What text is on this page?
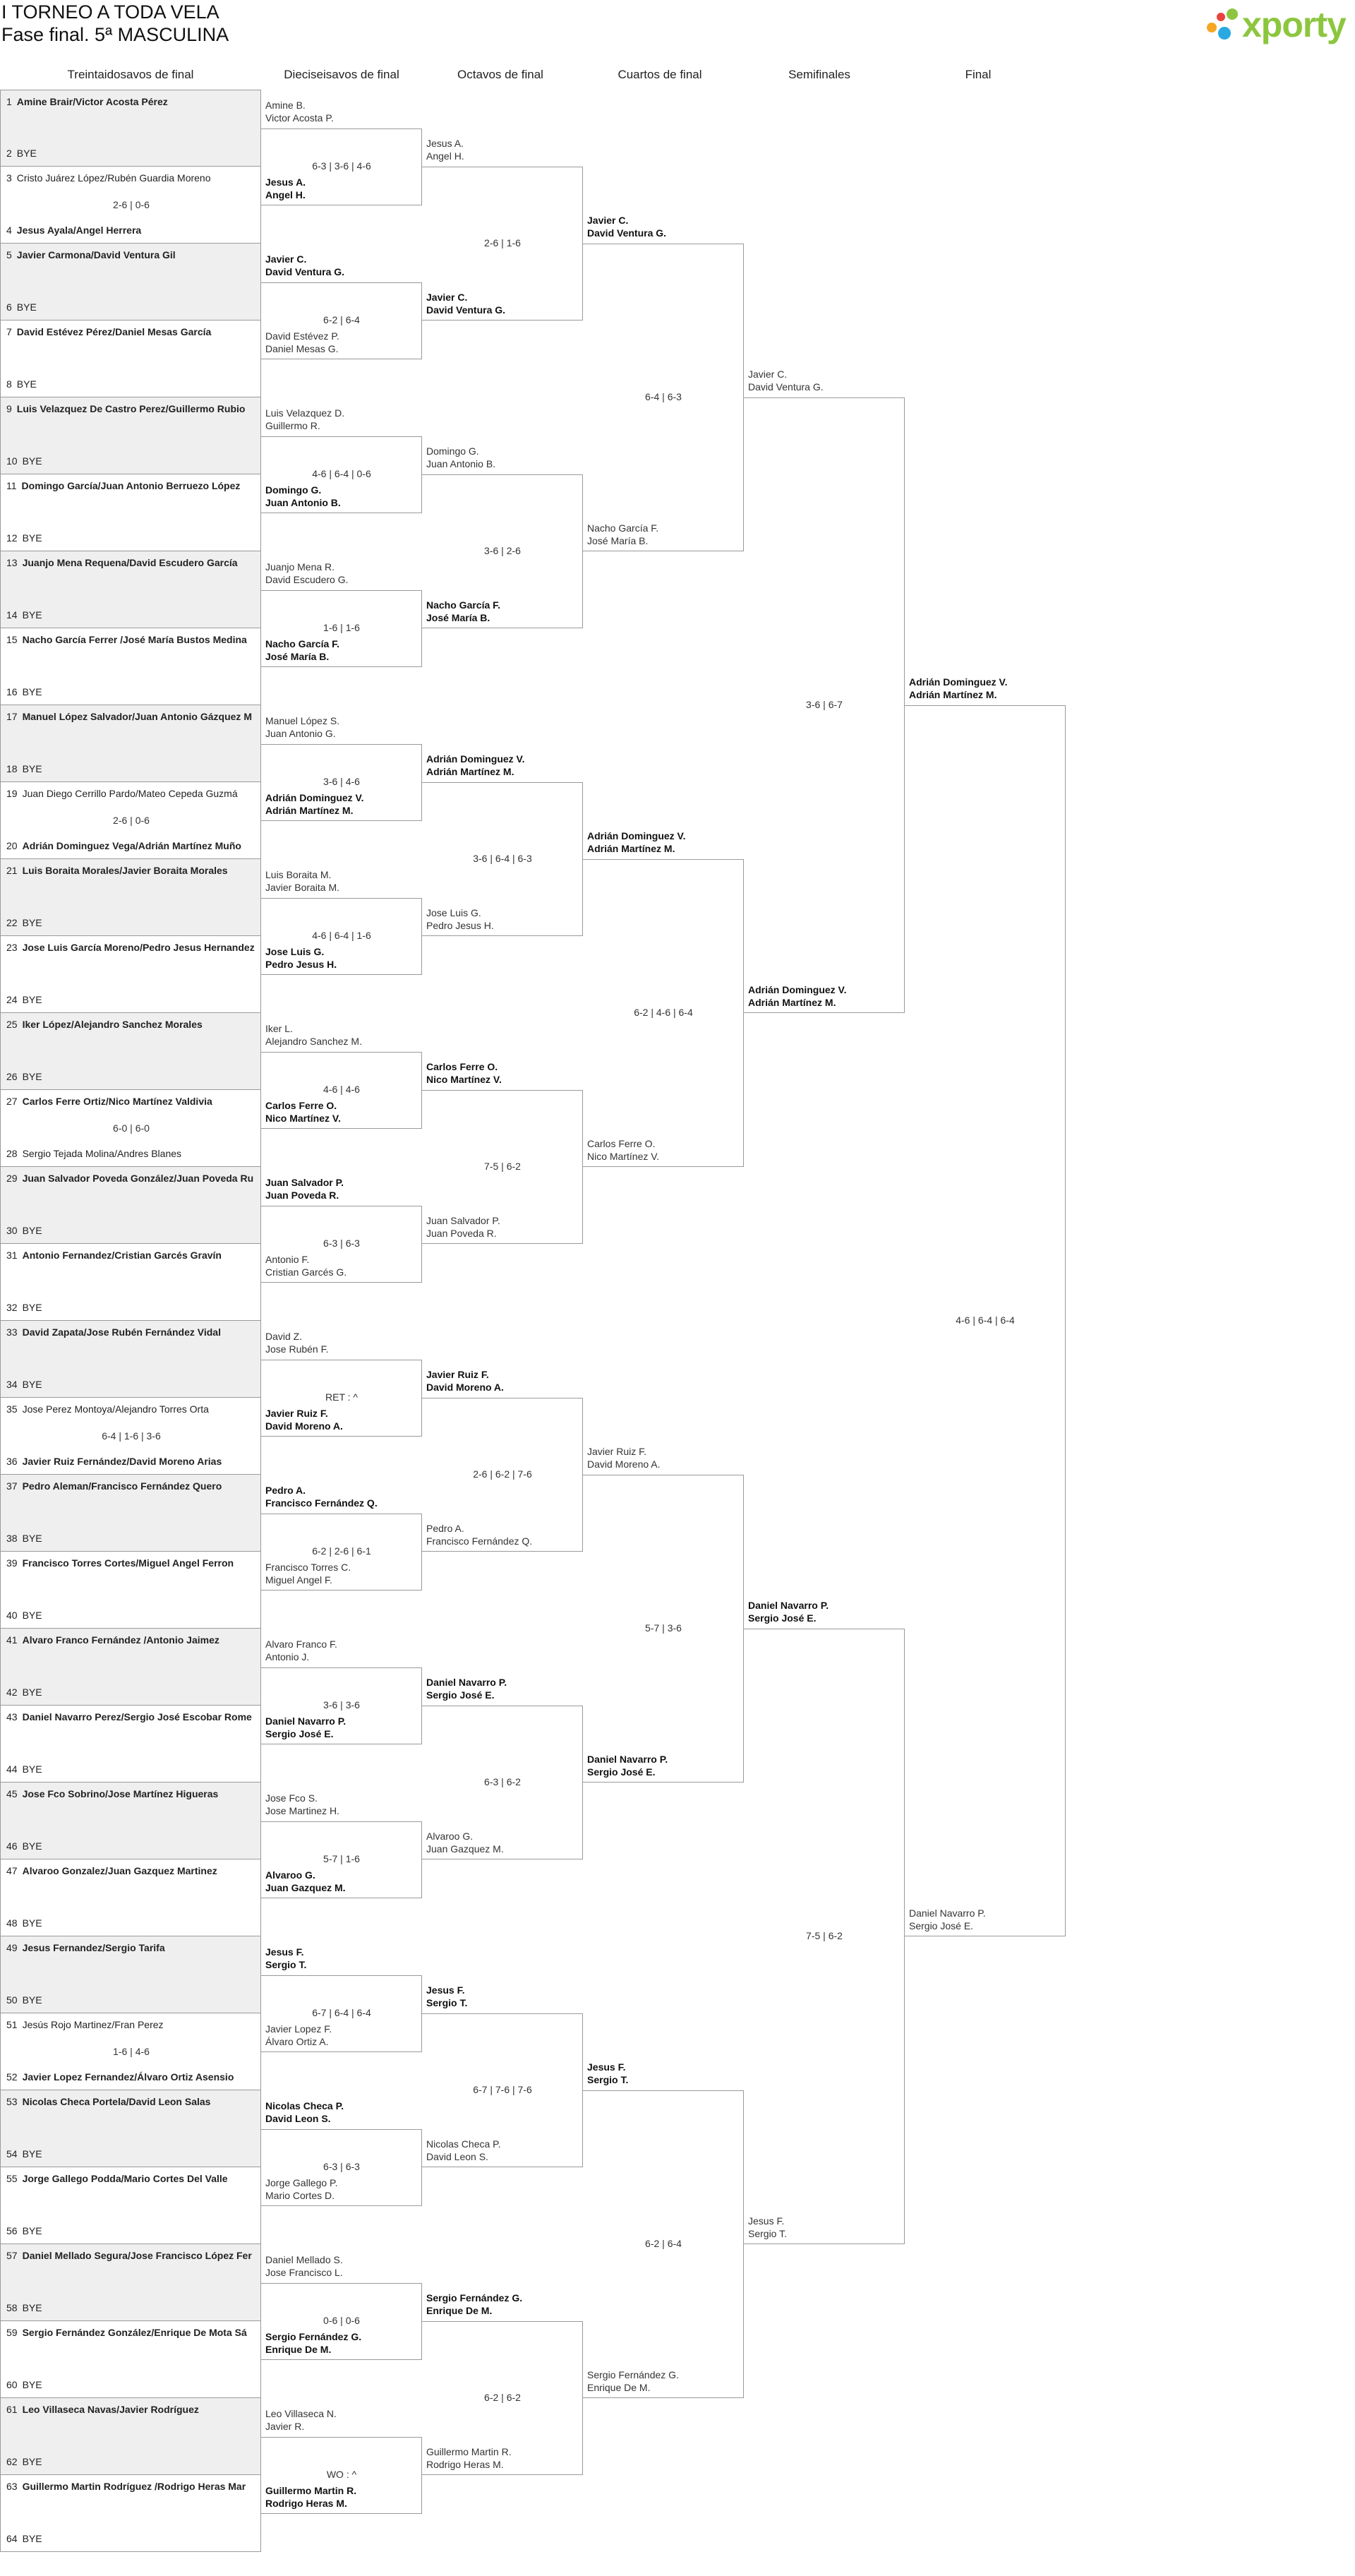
I TORNEO A TODA VELA
Fase final. 5ª MASCULINA	xporty
Treintaidosavos de final	Dieciseisavos de final	Octavos de final	Cuartos de final	Semifinales	Final
1 Amine Brair/Victor Acosta Pérez
2 BYE
3 Cristo Juárez López/Rubén Guardia Moreno
4 Jesus Ayala/Angel Herrera
2-6 | 0-6
5 Javier Carmona/David Ventura Gil
6 BYE
7 David Estévez Pérez/Daniel Mesas García
8 BYE
9 Luis Velazquez De Castro Perez/Guillermo Rubio
10 BYE
11 Domingo García/Juan Antonio Berruezo López
12 BYE
13 Juanjo Mena Requena/David Escudero García
14 BYE
15 Nacho García Ferrer /José María Bustos Medina
16 BYE
17 Manuel López Salvador/Juan Antonio Gázquez M
18 BYE
19 Juan Diego Cerrillo Pardo/Mateo Cepeda Guzmá
20 Adrián Dominguez Vega/Adrián Martínez Muño
2-6 | 0-6
21 Luis Boraita Morales/Javier Boraita Morales
22 BYE
23 Jose Luis García Moreno/Pedro Jesus Hernandez
24 BYE
25 Iker López/Alejandro Sanchez Morales
26 BYE
27 Carlos Ferre Ortiz/Nico Martínez Valdivia
28 Sergio Tejada Molina/Andres Blanes
6-0 | 6-0
29 Juan Salvador Poveda González/Juan Poveda Ru
30 BYE
31 Antonio Fernandez/Cristian Garcés Gravín
32 BYE
33 David Zapata/Jose Rubén Fernández Vidal
34 BYE
35 Jose Perez Montoya/Alejandro Torres Orta
36 Javier Ruiz Fernández/David Moreno Arias
6-4 | 1-6 | 3-6
37 Pedro Aleman/Francisco Fernández Quero
38 BYE
39 Francisco Torres Cortes/Miguel Angel Ferron
40 BYE
41 Alvaro Franco Fernández /Antonio Jaimez
42 BYE
43 Daniel Navarro Perez/Sergio José Escobar Rome
44 BYE
45 Jose Fco Sobrino/Jose Martínez Higueras
46 BYE
47 Alvaroo Gonzalez/Juan Gazquez Martinez
48 BYE
49 Jesus Fernandez/Sergio Tarifa
50 BYE
51 Jesús Rojo Martinez/Fran Perez
52 Javier Lopez Fernandez/Álvaro Ortiz Asensio
1-6 | 4-6
53 Nicolas Checa Portela/David Leon Salas
54 BYE
55 Jorge Gallego Podda/Mario Cortes Del Valle
56 BYE
57 Daniel Mellado Segura/Jose Francisco López Fer
58 BYE
59 Sergio Fernández González/Enrique De Mota Sá
60 BYE
61 Leo Villaseca Navas/Javier Rodríguez
62 BYE
63 Guillermo Martin Rodríguez /Rodrigo Heras Mar
64 BYE
Amine B.
Victor Acosta P.
Jesus A.
Angel H.
6-3 | 3-6 | 4-6
Javier C.
David Ventura G.
David Estévez P.
Daniel Mesas G.
6-2 | 6-4
Luis Velazquez D.
Guillermo R.
Domingo G.
Juan Antonio B.
4-6 | 6-4 | 0-6
Juanjo Mena R.
David Escudero G.
Nacho García F.
José María B.
1-6 | 1-6
Manuel López S.
Juan Antonio G.
Adrián Dominguez V.
Adrián Martínez M.
3-6 | 4-6
Luis Boraita M.
Javier Boraita M.
Jose Luis G.
Pedro Jesus H.
4-6 | 6-4 | 1-6
Iker L.
Alejandro Sanchez M.
Carlos Ferre O.
Nico Martínez V.
4-6 | 4-6
Juan Salvador P.
Juan Poveda R.
Antonio F.
Cristian Garcés G.
6-3 | 6-3
David Z.
Jose Rubén F.
Javier Ruiz F.
David Moreno A.
RET : ^
Pedro A.
Francisco Fernández Q.
Francisco Torres C.
Miguel Angel F.
6-2 | 2-6 | 6-1
Alvaro Franco F.
Antonio J.
Daniel Navarro P.
Sergio José E.
3-6 | 3-6
Jose Fco S.
Jose Martinez H.
Alvaroo G.
Juan Gazquez M.
5-7 | 1-6
Jesus F.
Sergio T.
Javier Lopez F.
Álvaro Ortiz A.
6-7 | 6-4 | 6-4
Nicolas Checa P.
David Leon S.
Jorge Gallego P.
Mario Cortes D.
6-3 | 6-3
Daniel Mellado S.
Jose Francisco L.
Sergio Fernández G.
Enrique De M.
0-6 | 0-6
Leo Villaseca N.
Javier R.
Guillermo Martin R.
Rodrigo Heras M.
WO : ^
Jesus A.
Angel H.
Javier C.
David Ventura G.
2-6 | 1-6
Domingo G.
Juan Antonio B.
Nacho García F.
José María B.
3-6 | 2-6
Adrián Dominguez V.
Adrián Martínez M.
Jose Luis G.
Pedro Jesus H.
3-6 | 6-4 | 6-3
Carlos Ferre O.
Nico Martínez V.
Juan Salvador P.
Juan Poveda R.
7-5 | 6-2
Javier Ruiz F.
David Moreno A.
Pedro A.
Francisco Fernández Q.
2-6 | 6-2 | 7-6
Daniel Navarro P.
Sergio José E.
Alvaroo G.
Juan Gazquez M.
6-3 | 6-2
Jesus F.
Sergio T.
Nicolas Checa P.
David Leon S.
6-7 | 7-6 | 7-6
Sergio Fernández G.
Enrique De M.
Guillermo Martin R.
Rodrigo Heras M.
6-2 | 6-2
Javier C.
David Ventura G.
Nacho García F.
José María B.
6-4 | 6-3
Adrián Dominguez V.
Adrián Martínez M.
Carlos Ferre O.
Nico Martínez V.
6-2 | 4-6 | 6-4
Javier Ruiz F.
David Moreno A.
Daniel Navarro P.
Sergio José E.
5-7 | 3-6
Jesus F.
Sergio T.
Sergio Fernández G.
Enrique De M.
6-2 | 6-4
Javier C.
David Ventura G.
Adrián Dominguez V.
Adrián Martínez M.
3-6 | 6-7
Daniel Navarro P.
Sergio José E.
Jesus F.
Sergio T.
7-5 | 6-2
Adrián Dominguez V.
Adrián Martínez M.
Daniel Navarro P.
Sergio José E.
4-6 | 6-4 | 6-4
